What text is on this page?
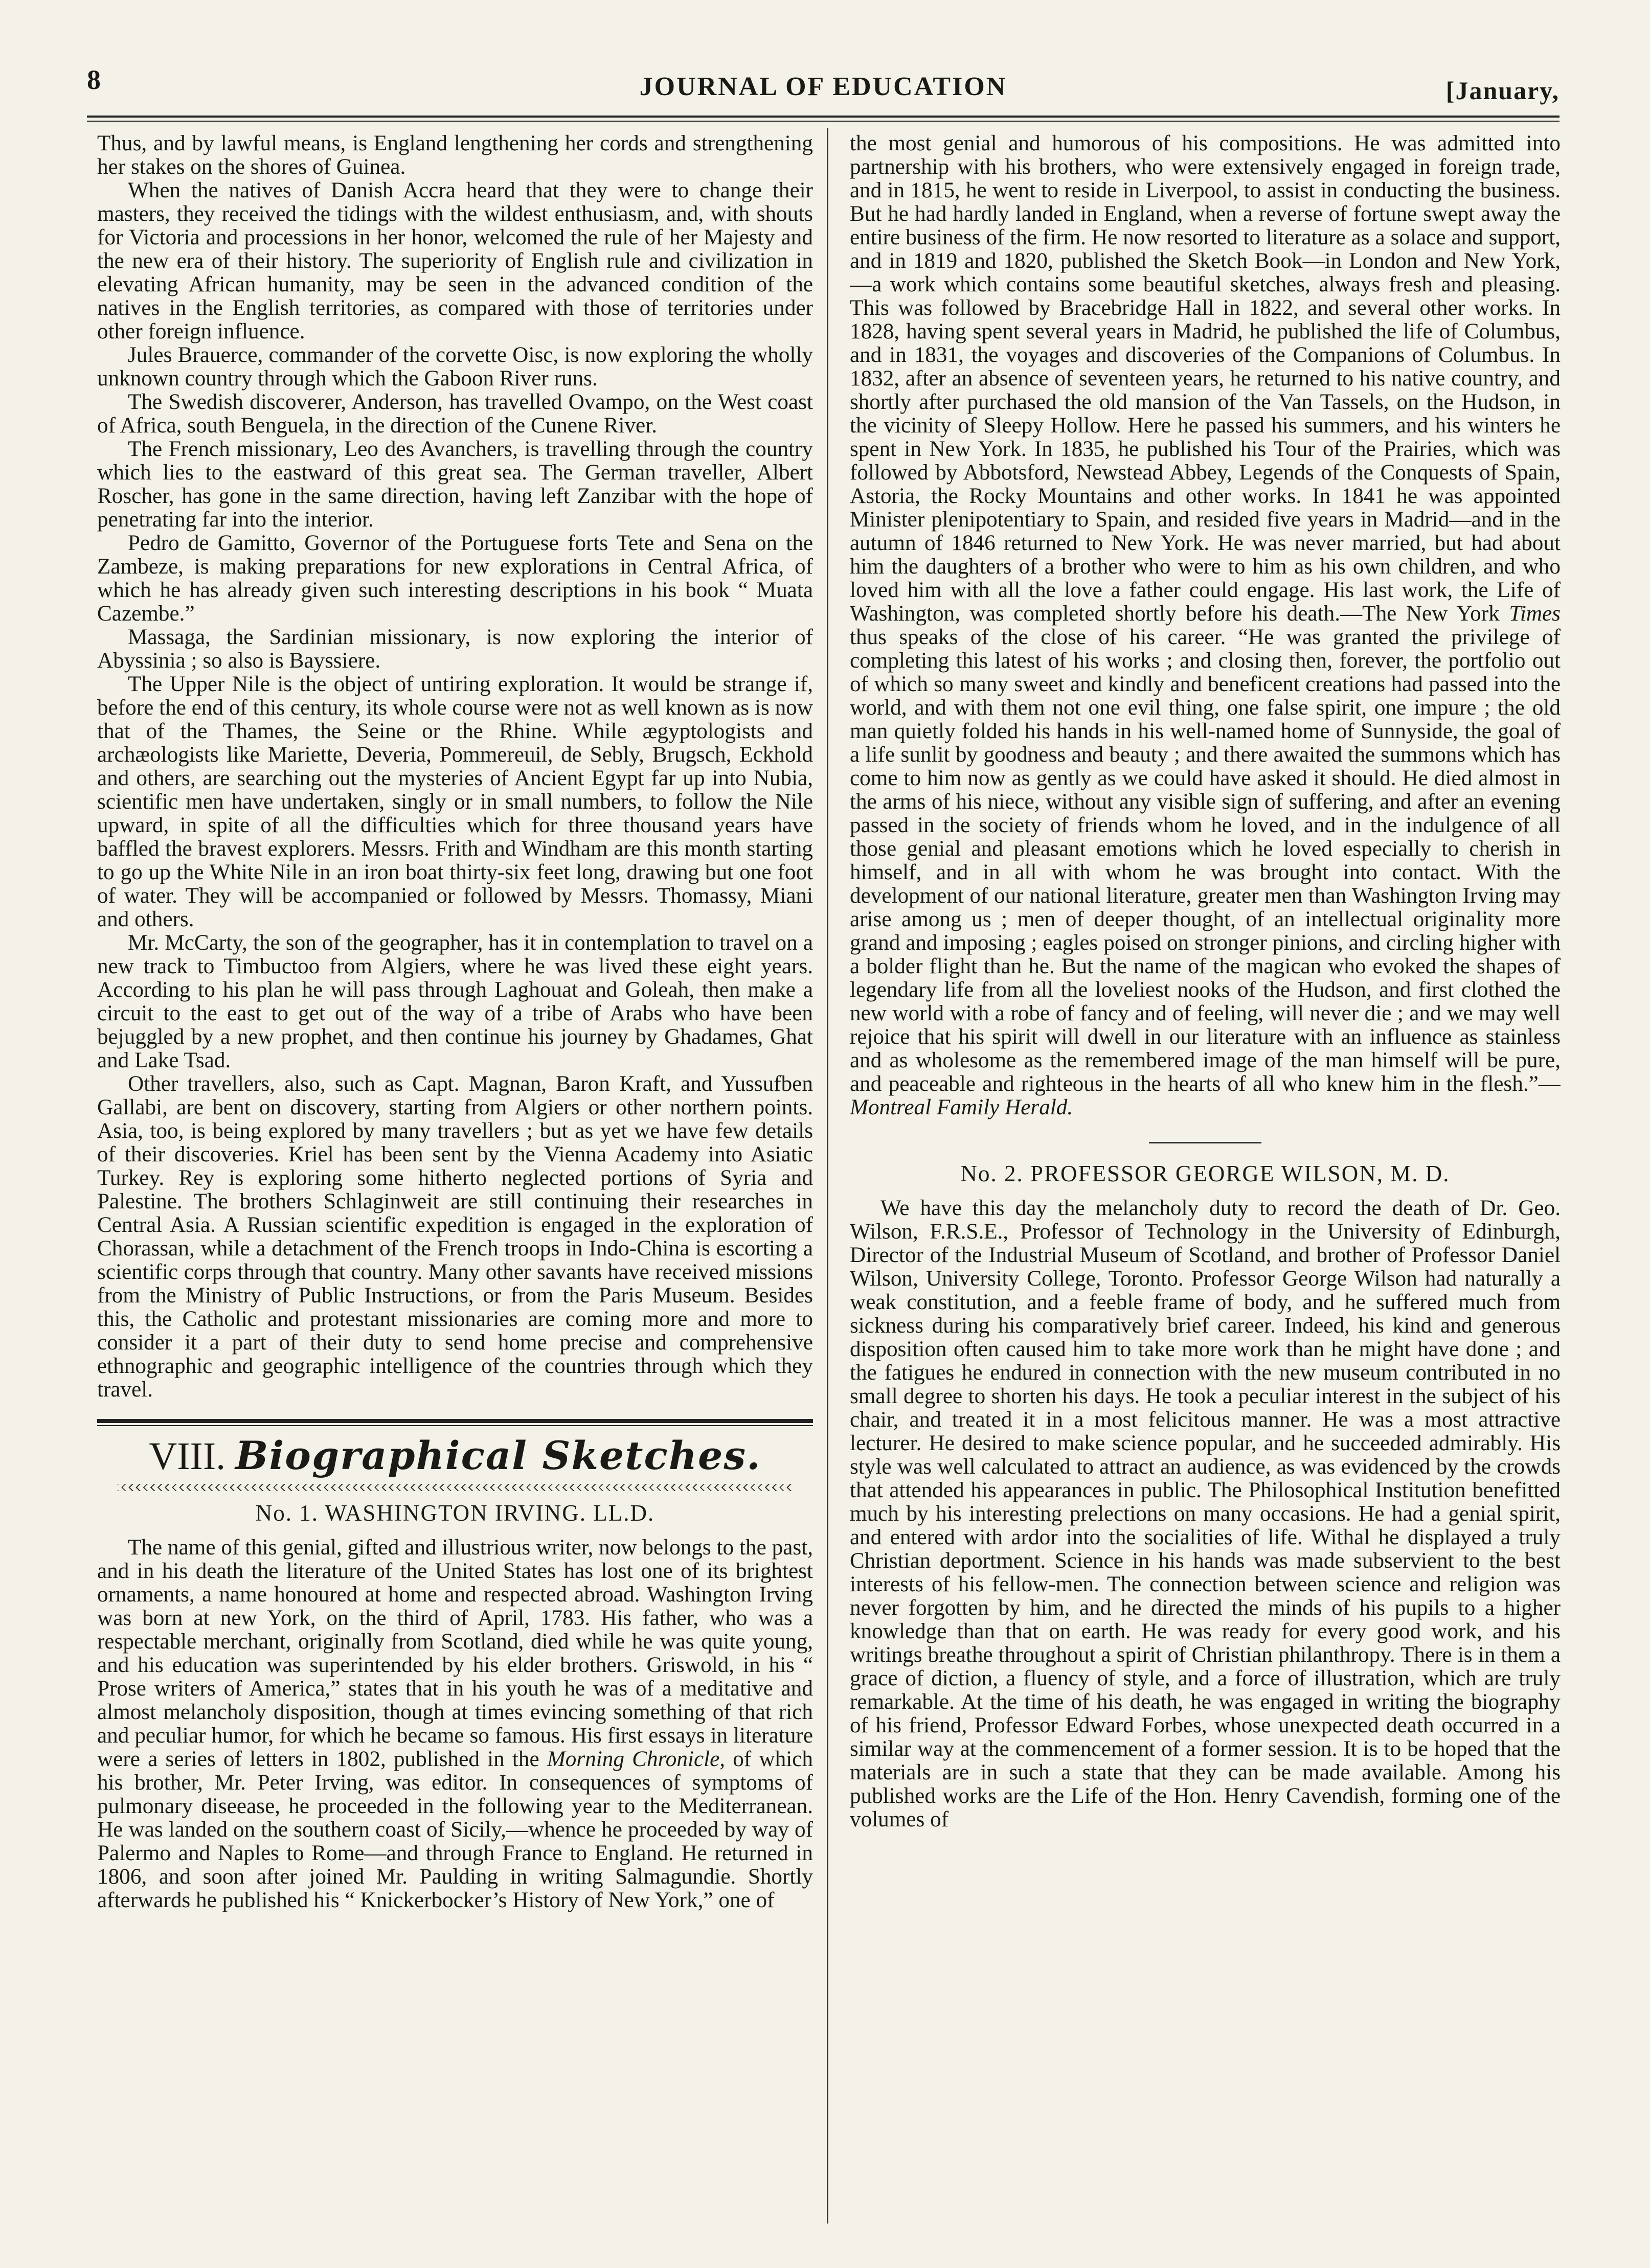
8	JOURNAL OF EDUCATION	[January,

Thus, and by lawful means, is England lengthening her cords and strengthening her stakes on the shores of Guinea.

When the natives of Danish Accra heard that they were to change their masters, they received the tidings with the wildest enthusiasm, and, with shouts for Victoria and processions in her honor, welcomed the rule of her Majesty and the new era of their history. The superiority of English rule and civilization in elevating African humanity, may be seen in the advanced condition of the natives in the English territories, as compared with those of territories under other foreign influence.

Jules Brauerce, commander of the corvette Oisc, is now exploring the wholly unknown country through which the Gaboon River runs.

The Swedish discoverer, Anderson, has travelled Ovampo, on the West coast of Africa, south Benguela, in the direction of the Cunene River.

The French missionary, Leo des Avanchers, is travelling through the country which lies to the eastward of this great sea. The German traveller, Albert Roscher, has gone in the same direction, having left Zanzibar with the hope of penetrating far into the interior.

Pedro de Gamitto, Governor of the Portuguese forts Tete and Sena on the Zambeze, is making preparations for new explorations in Central Africa, of which he has already given such interesting descriptions in his book “ Muata Cazembe.”

Massaga, the Sardinian missionary, is now exploring the interior of Abyssinia ; so also is Bayssiere.

The Upper Nile is the object of untiring exploration. It would be strange if, before the end of this century, its whole course were not as well known as is now that of the Thames, the Seine or the Rhine. While ægyptologists and archæologists like Mariette, Deveria, Pommereuil, de Sebly, Brugsch, Eckhold and others, are searching out the mysteries of Ancient Egypt far up into Nubia, scientific men have undertaken, singly or in small numbers, to follow the Nile upward, in spite of all the difficulties which for three thousand years have baffled the bravest explorers. Messrs. Frith and Windham are this month starting to go up the White Nile in an iron boat thirty-six feet long, drawing but one foot of water. They will be accompanied or followed by Messrs. Thomassy, Miani and others.

Mr. McCarty, the son of the geographer, has it in contemplation to travel on a new track to Timbuctoo from Algiers, where he was lived these eight years. According to his plan he will pass through Laghouat and Goleah, then make a circuit to the east to get out of the way of a tribe of Arabs who have been bejuggled by a new prophet, and then continue his journey by Ghadames, Ghat and Lake Tsad.

Other travellers, also, such as Capt. Magnan, Baron Kraft, and Yussufben Gallabi, are bent on discovery, starting from Algiers or other northern points. Asia, too, is being explored by many travellers ; but as yet we have few details of their discoveries. Kriel has been sent by the Vienna Academy into Asiatic Turkey. Rey is exploring some hitherto neglected portions of Syria and Palestine. The brothers Schlaginweit are still continuing their researches in Central Asia. A Russian scientific expedition is engaged in the exploration of Chorassan, while a detachment of the French troops in Indo-China is escorting a scientific corps through that country. Many other savants have received missions from the Ministry of Public Instructions, or from the Paris Museum. Besides this, the Catholic and protestant missionaries are coming more and more to consider it a part of their duty to send home precise and comprehensive ethnographic and geographic intelligence of the countries through which they travel.

VIII. Biographical Sketches.
No. 1. WASHINGTON IRVING. LL.D.

The name of this genial, gifted and illustrious writer, now belongs to the past, and in his death the literature of the United States has lost one of its brightest ornaments, a name honoured at home and respected abroad. Washington Irving was born at new York, on the third of April, 1783. His father, who was a respectable merchant, originally from Scotland, died while he was quite young, and his education was superintended by his elder brothers. Griswold, in his “ Prose writers of America,” states that in his youth he was of a meditative and almost melancholy disposition, though at times evincing something of that rich and peculiar humor, for which he became so famous. His first essays in literature were a series of letters in 1802, published in the Morning Chronicle, of which his brother, Mr. Peter Irving, was editor. In consequences of symptoms of pulmonary diseease, he proceeded in the following year to the Mediterranean. He was landed on the southern coast of Sicily,—whence he proceeded by way of Palermo and Naples to Rome—and through France to England. He returned in 1806, and soon after joined Mr. Paulding in writing Salmagundie. Shortly afterwards he published his “ Knickerbocker’s History of New York,” one of

the most genial and humorous of his compositions. He was admitted into partnership with his brothers, who were extensively engaged in foreign trade, and in 1815, he went to reside in Liverpool, to assist in conducting the business. But he had hardly landed in England, when a reverse of fortune swept away the entire business of the firm. He now resorted to literature as a solace and support, and in 1819 and 1820, published the Sketch Book—in London and New York,—a work which contains some beautiful sketches, always fresh and pleasing. This was followed by Bracebridge Hall in 1822, and several other works. In 1828, having spent several years in Madrid, he published the life of Columbus, and in 1831, the voyages and discoveries of the Companions of Columbus. In 1832, after an absence of seventeen years, he returned to his native country, and shortly after purchased the old mansion of the Van Tassels, on the Hudson, in the vicinity of Sleepy Hollow. Here he passed his summers, and his winters he spent in New York. In 1835, he published his Tour of the Prairies, which was followed by Abbotsford, Newstead Abbey, Legends of the Conquests of Spain, Astoria, the Rocky Mountains and other works. In 1841 he was appointed Minister plenipotentiary to Spain, and resided five years in Madrid—and in the autumn of 1846 returned to New York. He was never married, but had about him the daughters of a brother who were to him as his own children, and who loved him with all the love a father could engage. His last work, the Life of Washington, was completed shortly before his death.—The New York Times thus speaks of the close of his career. “He was granted the privilege of completing this latest of his works ; and closing then, forever, the portfolio out of which so many sweet and kindly and beneficent creations had passed into the world, and with them not one evil thing, one false spirit, one impure ; the old man quietly folded his hands in his well-named home of Sunnyside, the goal of a life sunlit by goodness and beauty ; and there awaited the summons which has come to him now as gently as we could have asked it should. He died almost in the arms of his niece, without any visible sign of suffering, and after an evening passed in the society of friends whom he loved, and in the indulgence of all those genial and pleasant emotions which he loved especially to cherish in himself, and in all with whom he was brought into contact. With the development of our national literature, greater men than Washington Irving may arise among us ; men of deeper thought, of an intellectual originality more grand and imposing ; eagles poised on stronger pinions, and circling higher with a bolder flight than he. But the name of the magican who evoked the shapes of legendary life from all the loveliest nooks of the Hudson, and first clothed the new world with a robe of fancy and of feeling, will never die ; and we may well rejoice that his spirit will dwell in our literature with an influence as stainless and as wholesome as the remembered image of the man himself will be pure, and peaceable and righteous in the hearts of all who knew him in the flesh.”—Montreal Family Herald.

No. 2. PROFESSOR GEORGE WILSON, M. D.

We have this day the melancholy duty to record the death of Dr. Geo. Wilson, F.R.S.E., Professor of Technology in the University of Edinburgh, Director of the Industrial Museum of Scotland, and brother of Professor Daniel Wilson, University College, Toronto. Professor George Wilson had naturally a weak constitution, and a feeble frame of body, and he suffered much from sickness during his comparatively brief career. Indeed, his kind and generous disposition often caused him to take more work than he might have done ; and the fatigues he endured in connection with the new museum contributed in no small degree to shorten his days. He took a peculiar interest in the subject of his chair, and treated it in a most felicitous manner. He was a most attractive lecturer. He desired to make science popular, and he succeeded admirably. His style was well calculated to attract an audience, as was evidenced by the crowds that attended his appearances in public. The Philosophical Institution benefitted much by his interesting prelections on many occasions. He had a genial spirit, and entered with ardor into the socialities of life. Withal he displayed a truly Christian deportment. Science in his hands was made subservient to the best interests of his fellow-men. The connection between science and religion was never forgotten by him, and he directed the minds of his pupils to a higher knowledge than that on earth. He was ready for every good work, and his writings breathe throughout a spirit of Christian philanthropy. There is in them a grace of diction, a fluency of style, and a force of illustration, which are truly remarkable. At the time of his death, he was engaged in writing the biography of his friend, Professor Edward Forbes, whose unexpected death occurred in a similar way at the commencement of a former session. It is to be hoped that the materials are in such a state that they can be made available. Among his published works are the Life of the Hon. Henry Cavendish, forming one of the volumes of
